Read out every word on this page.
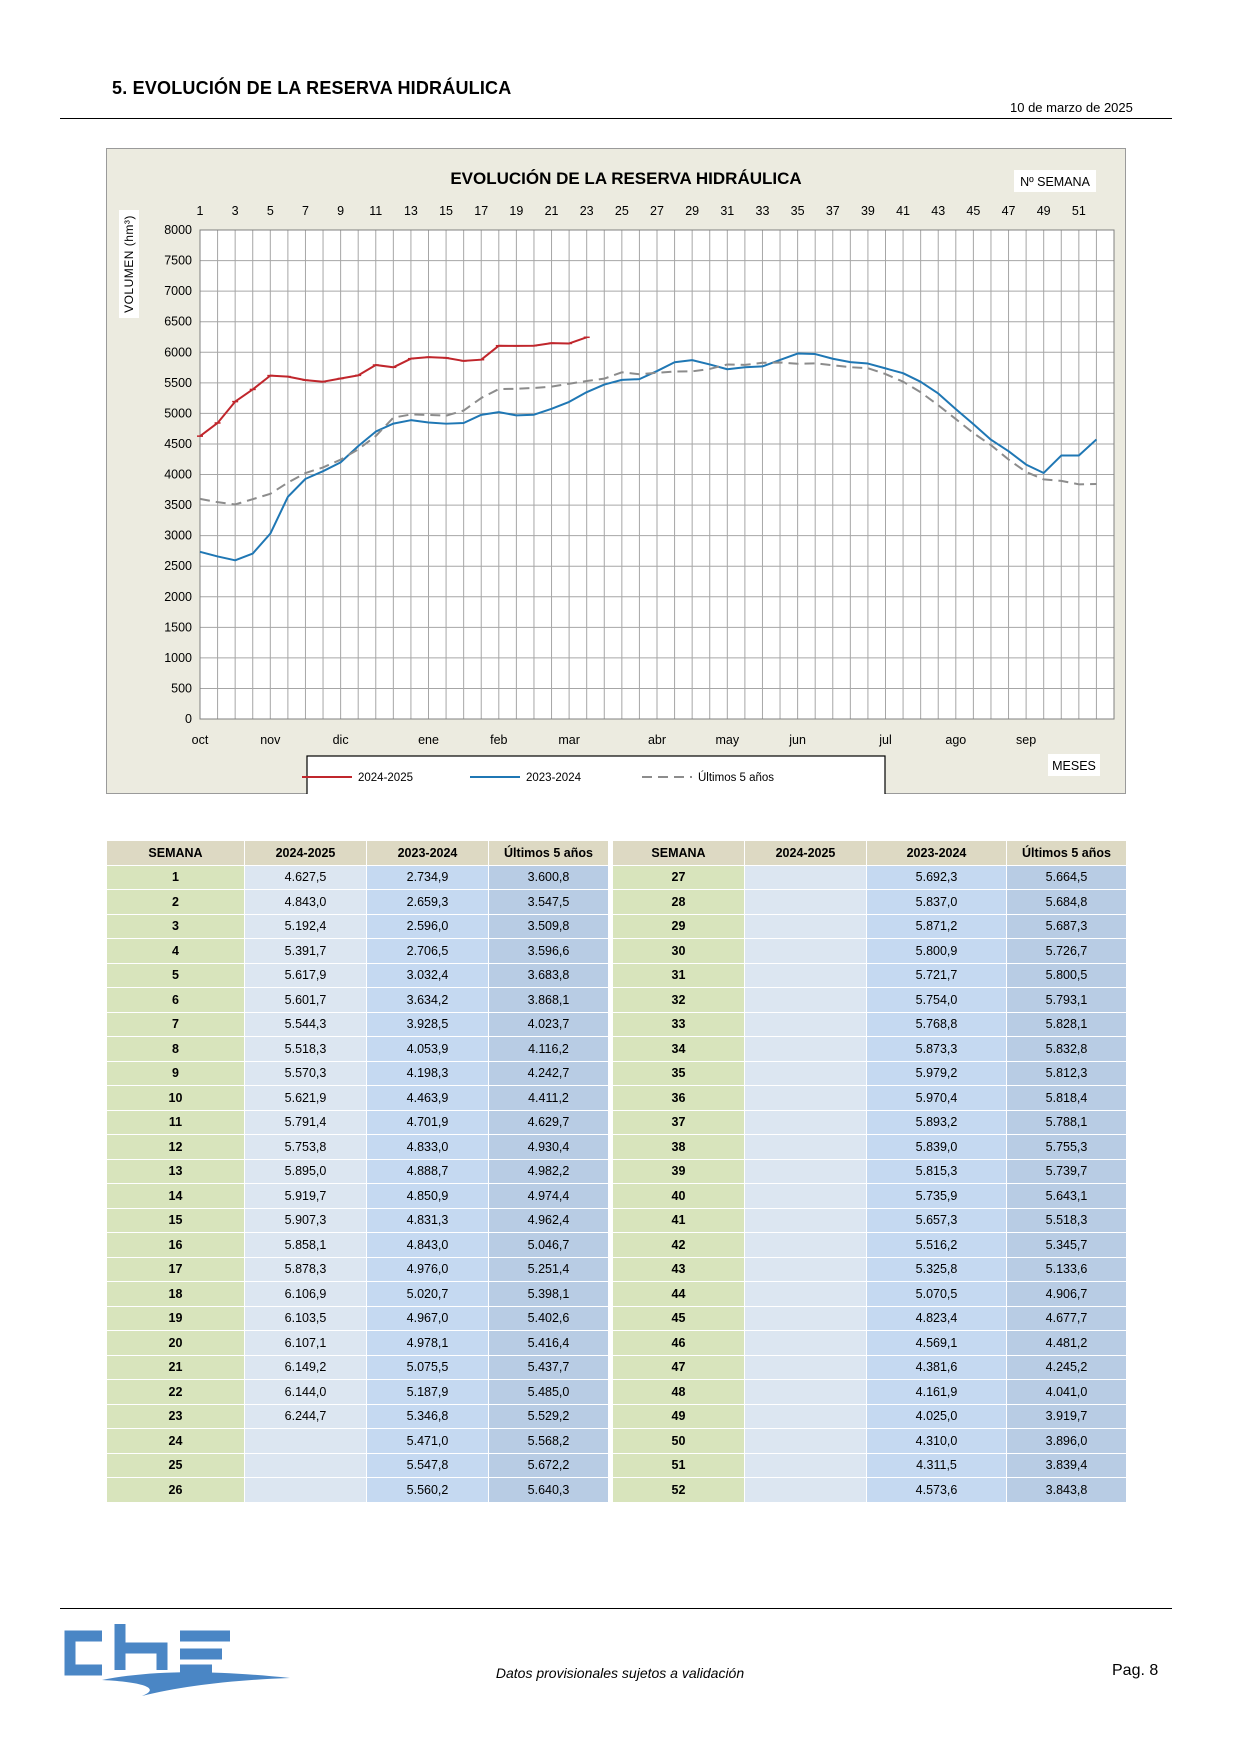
5. EVOLUCIÓN DE LA RESERVA HIDRÁULICA
10 de marzo de 2025
0
500
1000
1500
2000
2500
3000
3500
4000
4500
5000
5500
6000
6500
7000
7500
8000
EVOLUCIÓN DE LA RESERVA HIDRÁULICA	Nº SEMANA
1 3 5 7 9 11 13 15 17 19 21 23 25 27 29 31 33 35 37 39 41 43 45 47 49 51
VOLUMEN (hm³)
oct	nov	dic	ene	feb	mar	abr	may	jun	jul	ago	sep
MESES
2024-2025	2023-2024	Últimos 5 años
SEMANA	2024-2025	2023-2024	Últimos 5 años		SEMANA	2024-2025	2023-2024	Últimos 5 años
1	4.627,5	2.734,9	3.600,8		27		5.692,3	5.664,5
2	4.843,0	2.659,3	3.547,5		28		5.837,0	5.684,8
3	5.192,4	2.596,0	3.509,8		29		5.871,2	5.687,3
4	5.391,7	2.706,5	3.596,6		30		5.800,9	5.726,7
5	5.617,9	3.032,4	3.683,8		31		5.721,7	5.800,5
6	5.601,7	3.634,2	3.868,1		32		5.754,0	5.793,1
7	5.544,3	3.928,5	4.023,7		33		5.768,8	5.828,1
8	5.518,3	4.053,9	4.116,2		34		5.873,3	5.832,8
9	5.570,3	4.198,3	4.242,7		35		5.979,2	5.812,3
10	5.621,9	4.463,9	4.411,2		36		5.970,4	5.818,4
11	5.791,4	4.701,9	4.629,7		37		5.893,2	5.788,1
12	5.753,8	4.833,0	4.930,4		38		5.839,0	5.755,3
13	5.895,0	4.888,7	4.982,2		39		5.815,3	5.739,7
14	5.919,7	4.850,9	4.974,4		40		5.735,9	5.643,1
15	5.907,3	4.831,3	4.962,4		41		5.657,3	5.518,3
16	5.858,1	4.843,0	5.046,7		42		5.516,2	5.345,7
17	5.878,3	4.976,0	5.251,4		43		5.325,8	5.133,6
18	6.106,9	5.020,7	5.398,1		44		5.070,5	4.906,7
19	6.103,5	4.967,0	5.402,6		45		4.823,4	4.677,7
20	6.107,1	4.978,1	5.416,4		46		4.569,1	4.481,2
21	6.149,2	5.075,5	5.437,7		47		4.381,6	4.245,2
22	6.144,0	5.187,9	5.485,0		48		4.161,9	4.041,0
23	6.244,7	5.346,8	5.529,2		49		4.025,0	3.919,7
24		5.471,0	5.568,2		50		4.310,0	3.896,0
25		5.547,8	5.672,2		51		4.311,5	3.839,4
26		5.560,2	5.640,3		52		4.573,6	3.843,8
Datos provisionales sujetos a validación	Pag. 8
